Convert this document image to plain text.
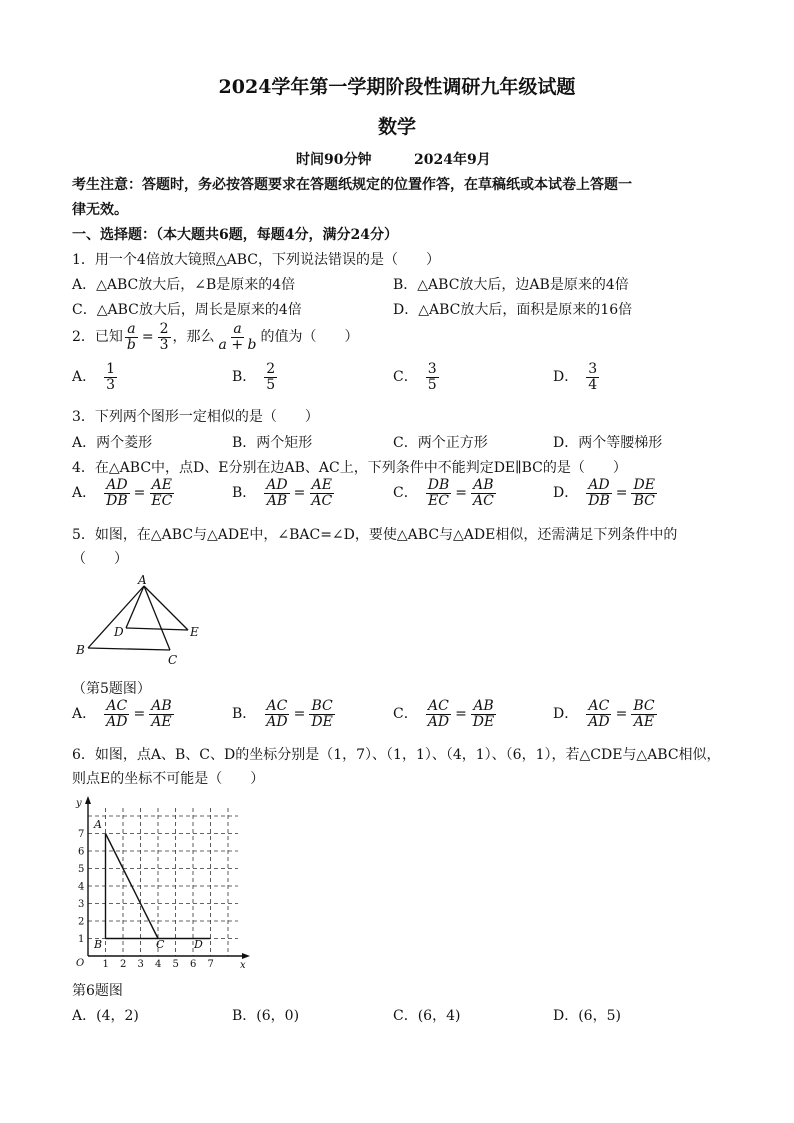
2024学年第一学期阶段性调研九年级试题
数学
时间90分钟	2024年9月
考生注意：答题时，务必按答题要求在答题纸规定的位置作答，在草稿纸或本试卷上答题一
律无效。
一、选择题：（本大题共6题，每题4分，满分24分）
1．用一个4倍放大镜照△ABC，下列说法错误的是（　　）
A．△ABC放大后，∠B是原来的4倍	B．△ABC放大后，边AB是原来的4倍
C．△ABC放大后，周长是原来的4倍	D．△ABC放大后，面积是原来的16倍
2．已知 $\frac{a}{b} = \frac{2}{3}$ ，那么 $\frac{a}{a + b}$ 的值为（　　）
A． $\frac{1}{3}$	B． $\frac{2}{5}$	C． $\frac{3}{5}$	D． $\frac{3}{4}$
3．下列两个图形一定相似的是（　　）
A．两个菱形	B．两个矩形	C．两个正方形	D．两个等腰梯形
4．在△ABC中，点D、E分别在边AB、AC上，下列条件中不能判定DE∥BC的是（　　）
A． $\frac{AD}{DB} = \frac{AE}{EC}$	B． $\frac{AD}{AB} = \frac{AE}{AC}$	C． $\frac{DB}{EC} = \frac{AB}{AC}$	D． $\frac{AD}{DB} = \frac{DE}{BC}$
5．如图，在△ABC与△ADE中，∠BAC=∠D，要使△ABC与△ADE相似，还需满足下列条件中的
（　　）
A
B
C
D	E
（第5题图）
A． $\frac{AC}{AD} = \frac{AB}{AE}$	B． $\frac{AC}{AD} = \frac{BC}{DE}$	C． $\frac{AC}{AD} = \frac{AB}{DE}$	D． $\frac{AC}{AD} = \frac{BC}{AE}$
6．如图，点A、B、C、D的坐标分别是（1，7）、（1，1）、（4，1）、（6，1），若△CDE与△ABC相似，
则点E的坐标不可能是（　　）
y
x
O
1
2
3
4
5
6
7
1 2 3 4 5 6 7
A
B	C	D
第6题图
A．(4，2)	B．(6，0)	C．(6，4)	D．(6，5)
